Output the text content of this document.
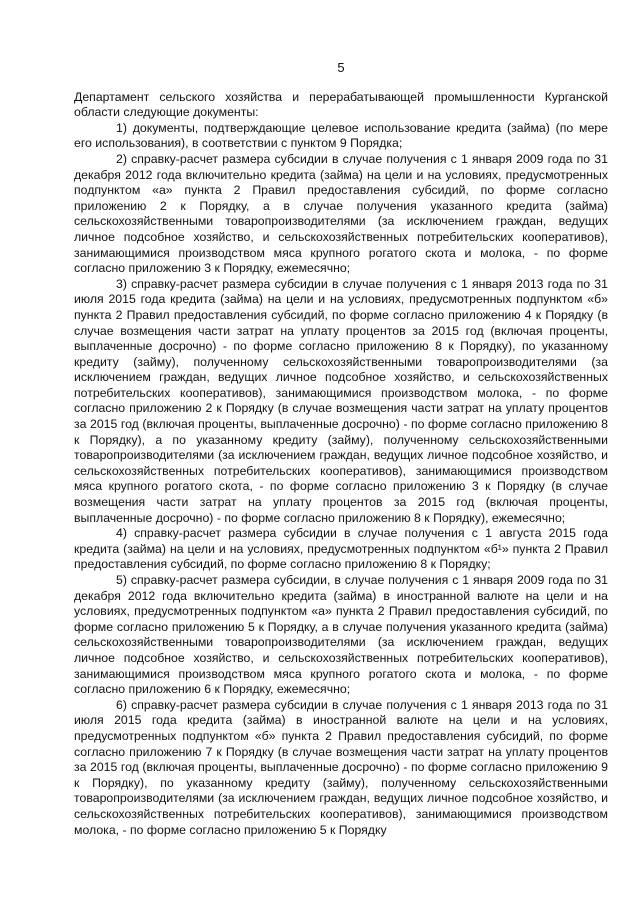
5

Департамент сельского хозяйства и перерабатывающей промышленности Курганской области следующие документы:

1) документы, подтверждающие целевое использование кредита (займа) (по мере его использования), в соответствии с пунктом 9 Порядка;
2) справку-расчет размера субсидии в случае получения с 1 января 2009 года по 31 декабря 2012 года включительно кредита (займа) на цели и на условиях, предусмотренных подпунктом «а» пункта 2 Правил предоставления субсидий, по форме согласно приложению 2 к Порядку, а в случае получения указанного кредита (займа) сельскохозяйственными товаропроизводителями (за исключением граждан, ведущих личное подсобное хозяйство, и сельскохозяйственных потребительских кооперативов), занимающимися производством мяса крупного рогатого скота и молока, - по форме согласно приложению 3 к Порядку, ежемесячно;
3) справку-расчет размера субсидии в случае получения с 1 января 2013 года по 31 июля 2015 года кредита (займа) на цели и на условиях, предусмотренных подпунктом «б» пункта 2 Правил предоставления субсидий, по форме согласно приложению 4 к Порядку (в случае возмещения части затрат на уплату процентов за 2015 год (включая проценты, выплаченные досрочно) - по форме согласно приложению 8 к Порядку), по указанному кредиту (займу), полученному сельскохозяйственными товаропроизводителями (за исключением граждан, ведущих личное подсобное хозяйство, и сельскохозяйственных потребительских кооперативов), занимающимися производством молока, - по форме согласно приложению 2 к Порядку (в случае возмещения части затрат на уплату процентов за 2015 год (включая проценты, выплаченные досрочно) - по форме согласно приложению 8 к Порядку), а по указанному кредиту (займу), полученному сельскохозяйственными товаропроизводителями (за исключением граждан, ведущих личное подсобное хозяйство, и сельскохозяйственных потребительских кооперативов), занимающимися производством мяса крупного рогатого скота, - по форме согласно приложению 3 к Порядку (в случае возмещения части затрат на уплату процентов за 2015 год (включая проценты, выплаченные досрочно) - по форме согласно приложению 8 к Порядку), ежемесячно;
4) справку-расчет размера субсидии в случае получения с 1 августа 2015 года кредита (займа) на цели и на условиях, предусмотренных подпунктом «б¹» пункта 2 Правил предоставления субсидий, по форме согласно приложению 8 к Порядку;
5) справку-расчет размера субсидии, в случае получения с 1 января 2009 года по 31 декабря 2012 года включительно кредита (займа) в иностранной валюте на цели и на условиях, предусмотренных подпунктом «а» пункта 2 Правил предоставления субсидий, по форме согласно приложению 5 к Порядку, а в случае получения указанного кредита (займа) сельскохозяйственными товаропроизводителями (за исключением граждан, ведущих личное подсобное хозяйство, и сельскохозяйственных потребительских кооперативов), занимающимися производством мяса крупного рогатого скота и молока, - по форме согласно приложению 6 к Порядку, ежемесячно;
6) справку-расчет размера субсидии в случае получения с 1 января 2013 года по 31 июля 2015 года кредита (займа) в иностранной валюте на цели и на условиях, предусмотренных подпунктом «б» пункта 2 Правил предоставления субсидий, по форме согласно приложению 7 к Порядку (в случае возмещения части затрат на уплату процентов за 2015 год (включая проценты, выплаченные досрочно) - по форме согласно приложению 9 к Порядку), по указанному кредиту (займу), полученному сельскохозяйственными товаропроизводителями (за исключением граждан, ведущих личное подсобное хозяйство, и сельскохозяйственных потребительских кооперативов), занимающимися производством молока, - по форме согласно приложению 5 к Порядку
